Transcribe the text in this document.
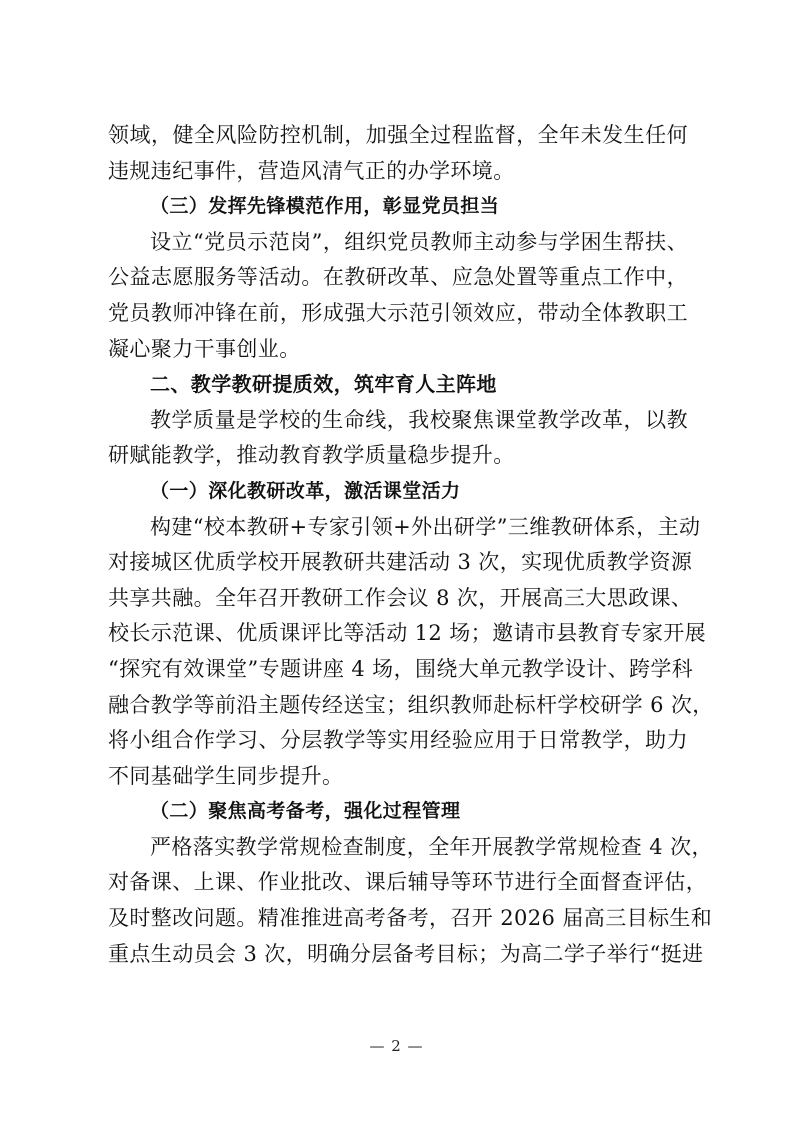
领域，健全风险防控机制，加强全过程监督，全年未发生任何
违规违纪事件，营造风清气正的办学环境。
（三）发挥先锋模范作用，彰显党员担当
设立“党员示范岗”，组织党员教师主动参与学困生帮扶、
公益志愿服务等活动。在教研改革、应急处置等重点工作中，
党员教师冲锋在前，形成强大示范引领效应，带动全体教职工
凝心聚力干事创业。
二、教学教研提质效，筑牢育人主阵地
教学质量是学校的生命线，我校聚焦课堂教学改革，以教
研赋能教学，推动教育教学质量稳步提升。
（一）深化教研改革，激活课堂活力
构建“校本教研+专家引领+外出研学”三维教研体系，主动
对接城区优质学校开展教研共建活动 3 次，实现优质教学资源
共享共融。全年召开教研工作会议 8 次，开展高三大思政课、
校长示范课、优质课评比等活动 12 场；邀请市县教育专家开展
“探究有效课堂”专题讲座 4 场，围绕大单元教学设计、跨学科
融合教学等前沿主题传经送宝；组织教师赴标杆学校研学 6 次，
将小组合作学习、分层教学等实用经验应用于日常教学，助力
不同基础学生同步提升。
（二）聚焦高考备考，强化过程管理
严格落实教学常规检查制度，全年开展教学常规检查 4 次，
对备课、上课、作业批改、课后辅导等环节进行全面督查评估，
及时整改问题。精准推进高考备考，召开 2026 届高三目标生和
重点生动员会 3 次，明确分层备考目标；为高二学子举行“挺进
— 2 —
